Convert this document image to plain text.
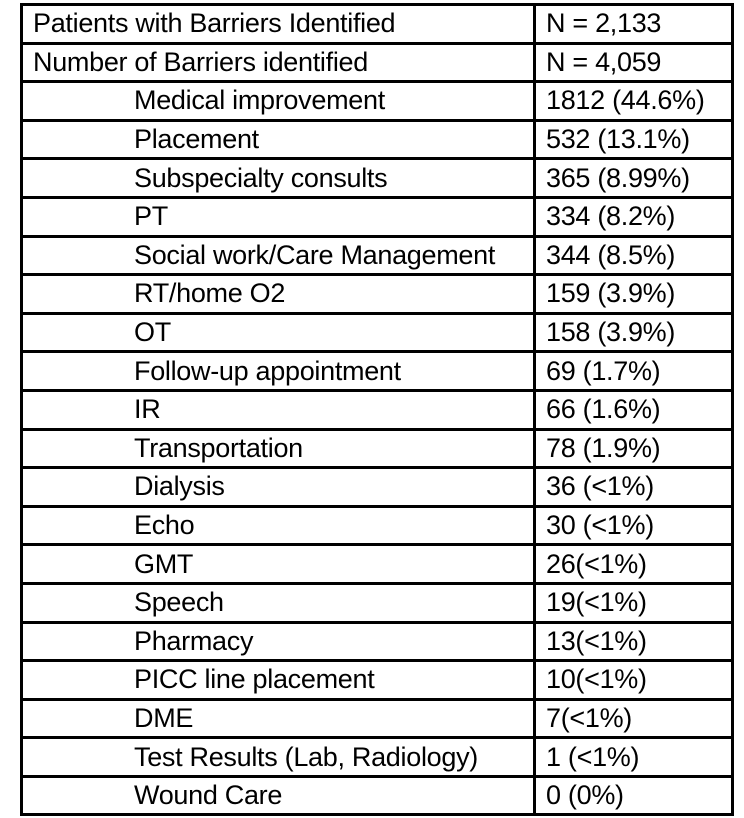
Patients with Barriers Identified	N = 2,133
Number of Barriers identified	N = 4,059
Medical improvement	1812 (44.6%)
Placement	532 (13.1%)
Subspecialty consults	365 (8.99%)
PT	334 (8.2%)
Social work/Care Management	344 (8.5%)
RT/home O2	159 (3.9%)
OT	158 (3.9%)
Follow-up appointment	69 (1.7%)
IR	66 (1.6%)
Transportation	78 (1.9%)
Dialysis	36 (<1%)
Echo	30 (<1%)
GMT	26(<1%)
Speech	19(<1%)
Pharmacy	13(<1%)
PICC line placement	10(<1%)
DME	7(<1%)
Test Results (Lab, Radiology)	1 (<1%)
Wound Care	0 (0%)
